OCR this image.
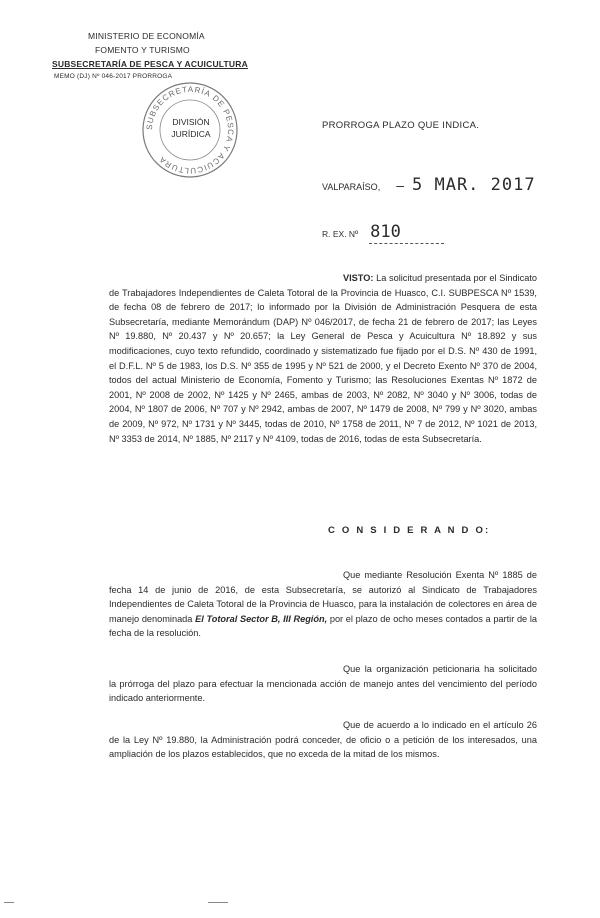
MINISTERIO DE ECONOMÍA
FOMENTO Y TURISMO
SUBSECRETARÍA DE PESCA Y ACUICULTURA
MEMO (DJ) Nº 046-2017 PRORROGA
SUBSECRETARÍA DE PESCA Y ACUICULTURA
DIVISIÓN
JURÍDICA
PRORROGA PLAZO QUE INDICA.
VALPARAÍSO, – 5 MAR. 2017
R. EX. Nº 810
VISTO: La solicitud presentada por el Sindicato de Trabajadores Independientes de Caleta Totoral de la Provincia de Huasco, C.I. SUBPESCA Nº 1539, de fecha 08 de febrero de 2017; lo informado por la División de Administración Pesquera de esta Subsecretaría, mediante Memorándum (DAP) Nº 046/2017, de fecha 21 de febrero de 2017; las Leyes Nº 19.880, Nº 20.437 y Nº 20.657; la Ley General de Pesca y Acuicultura Nº 18.892 y sus modificaciones, cuyo texto refundido, coordinado y sistematizado fue fijado por el D.S. Nº 430 de 1991, el D.F.L. Nº 5 de 1983, los D.S. Nº 355 de 1995 y Nº 521 de 2000, y el Decreto Exento Nº 370 de 2004, todos del actual Ministerio de Economía, Fomento y Turismo; las Resoluciones Exentas Nº 1872 de 2001, Nº 2008 de 2002, Nº 1425 y Nº 2465, ambas de 2003, Nº 2082, Nº 3040 y Nº 3006, todas de 2004, Nº 1807 de 2006, Nº 707 y Nº 2942, ambas de 2007, Nº 1479 de 2008, Nº 799 y Nº 3020, ambas de 2009, Nº 972, Nº 1731 y Nº 3445, todas de 2010, Nº 1758 de 2011, Nº 7 de 2012, Nº 1021 de 2013, Nº 3353 de 2014, Nº 1885, Nº 2117 y Nº 4109, todas de 2016, todas de esta Subsecretaría.
C O N S I D E R A N D O:
Que mediante Resolución Exenta Nº 1885 de fecha 14 de junio de 2016, de esta Subsecretaría, se autorizó al Sindicato de Trabajadores Independientes de Caleta Totoral de la Provincia de Huasco, para la instalación de colectores en área de manejo denominada El Totoral Sector B, III Región, por el plazo de ocho meses contados a partir de la fecha de la resolución.
Que la organización peticionaria ha solicitado la prórroga del plazo para efectuar la mencionada acción de manejo antes del vencimiento del período indicado anteriormente.
Que de acuerdo a lo indicado en el artículo 26 de la Ley Nº 19.880, la Administración podrá conceder, de oficio o a petición de los interesados, una ampliación de los plazos establecidos, que no exceda de la mitad de los mismos.
